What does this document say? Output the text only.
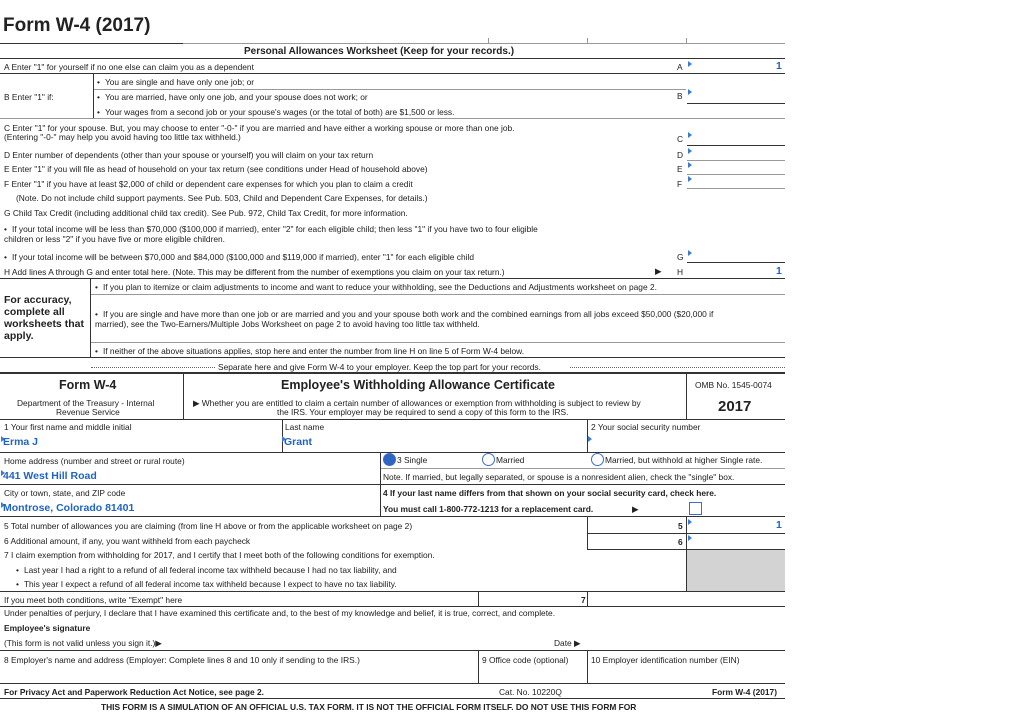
Form W-4 (2017)
Personal Allowances Worksheet (Keep for your records.)
A Enter "1" for yourself if no one else can claim you as a dependent	A	1
• You are single and have only one job; or
B Enter "1" if:
•	You are married, have only one job, and your spouse does not work; or	B
• Your wages from a second job or your spouse's wages (or the total of both) are $1,500 or less.
C Enter "1" for your spouse. But, you may choose to enter "-0-" if you are married and have either a working spouse or more than one job.
(Entering "-0-" may help you avoid having too little tax withheld.)	C
D Enter number of dependents (other than your spouse or yourself) you will claim on your tax return	D
E Enter "1" if you will file as head of household on your tax return (see conditions under Head of household above)	E
F Enter "1" if you have at least $2,000 of child or dependent care expenses for which you plan to claim a credit	F
(Note. Do not include child support payments. See Pub. 503, Child and Dependent Care Expenses, for details.)
G Child Tax Credit (including additional child tax credit). See Pub. 972, Child Tax Credit, for more information.
• If your total income will be less than $70,000 ($100,000 if married), enter "2" for each eligible child; then less "1" if you have two to four eligible
children or less "2" if you have five or more eligible children.
• If your total income will be between $70,000 and $84,000 ($100,000 and $119,000 if married), enter "1" for each eligible child	G
H Add lines A through G and enter total here. (Note. This may be different from the number of exemptions you claim on your tax return.)	▶ H	1
For accuracy, complete all worksheets that apply.
• If you plan to itemize or claim adjustments to income and want to reduce your withholding, see the Deductions and Adjustments worksheet on page 2.
• If you are single and have more than one job or are married and you and your spouse both work and the combined earnings from all jobs exceed $50,000 ($20,000 if
married), see the Two-Earners/Multiple Jobs Worksheet on page 2 to avoid having too little tax withheld.
• If neither of the above situations applies, stop here and enter the number from line H on line 5 of Form W-4 below.
Separate here and give Form W-4 to your employer. Keep the top part for your records.
Form W-4
Department of the Treasury - Internal
Revenue Service
Employee's Withholding Allowance Certificate
▶ Whether you are entitled to claim a certain number of allowances or exemption from withholding is subject to review by
the IRS. Your employer may be required to send a copy of this form to the IRS.
OMB No. 1545-0074
2017
1 Your first name and middle initial
Erma J
Last name
Grant
2 Your social security number
Home address (number and street or rural route)
441 West Hill Road
3 Single	Married	Married, but withhold at higher Single rate.
Note. If married, but legally separated, or spouse is a nonresident alien, check the "single" box.
City or town, state, and ZIP code
Montrose, Colorado 81401
4 If your last name differs from that shown on your social security card, check here.
You must call 1-800-772-1213 for a replacement card.	▶
5 Total number of allowances you are claiming (from line H above or from the applicable worksheet on page 2)	5	1
6 Additional amount, if any, you want withheld from each paycheck	6
7 I claim exemption from withholding for 2017, and I certify that I meet both of the following conditions for exemption.
• Last year I had a right to a refund of all federal income tax withheld because I had no tax liability, and
• This year I expect a refund of all federal income tax withheld because I expect to have no tax liability.
If you meet both conditions, write "Exempt" here	7
Under penalties of perjury, I declare that I have examined this certificate and, to the best of my knowledge and belief, it is true, correct, and complete.
Employee's signature
(This form is not valid unless you sign it.)▶	Date ▶
8 Employer's name and address (Employer: Complete lines 8 and 10 only if sending to the IRS.)	9 Office code (optional)	10 Employer identification number (EIN)
For Privacy Act and Paperwork Reduction Act Notice, see page 2.	Cat. No. 10220Q	Form W-4 (2017)
THIS FORM IS A SIMULATION OF AN OFFICIAL U.S. TAX FORM. IT IS NOT THE OFFICIAL FORM ITSELF. DO NOT USE THIS FORM FOR
